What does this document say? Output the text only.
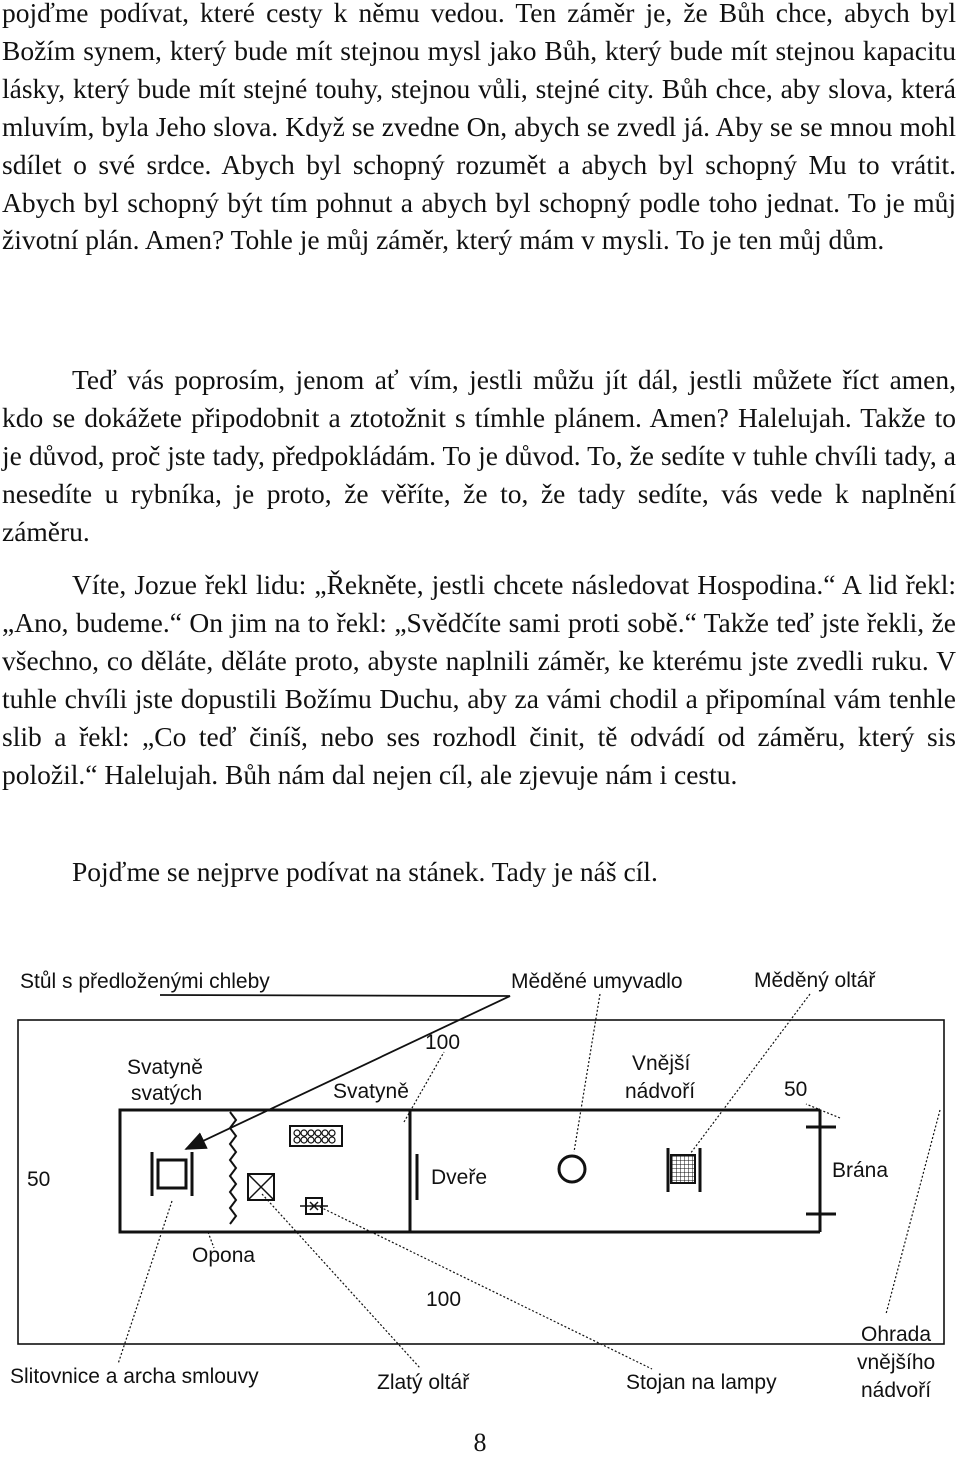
pojďme podívat, které cesty k němu vedou. Ten záměr je, že Bůh chce, abych byl Božím synem, který bude mít stejnou mysl jako Bůh, který bude mít stejnou kapacitu lásky, který bude mít stejné touhy, stejnou vůli, stejné city. Bůh chce, aby slova, která mluvím, byla Jeho slova. Když se zvedne On, abych se zvedl já. Aby se se mnou mohl sdílet o své srdce. Abych byl schopný rozumět a abych byl schopný Mu to vrátit. Abych byl schopný být tím pohnut a abych byl schopný podle toho jednat. To je můj životní plán. Amen? Tohle je můj záměr, který mám v mysli. To je ten můj dům.

Teď vás poprosím, jenom ať vím, jestli můžu jít dál, jestli můžete říct amen, kdo se dokážete připodobnit a ztotožnit s tímhle plánem. Amen? Halelujah. Takže to je důvod, proč jste tady, předpokládám. To je důvod. To, že sedíte v tuhle chvíli tady, a nesedíte u rybníka, je proto, že věříte, že to, že tady sedíte, vás vede k naplnění záměru.

Víte, Jozue řekl lidu: „Řekněte, jestli chcete následovat Hospodina.“ A lid řekl: „Ano, budeme.“ On jim na to řekl: „Svědčíte sami proti sobě.“ Takže teď jste řekli, že všechno, co děláte, děláte proto, abyste naplnili záměr, ke kterému jste zvedli ruku. V tuhle chvíli jste dopustili Božímu Duchu, aby za vámi chodil a připomínal vám tenhle slib a řekl: „Co teď činíš, nebo ses rozhodl činit, tě odvádí od záměru, který sis položil.“ Halelujah. Bůh nám dal nejen cíl, ale zjevuje nám i cestu.

Pojďme se nejprve podívat na stánek. Tady je náš cíl.

Stůl s předloženými chleby	Měděné umyvadlo	Měděný oltář
Svatyně
svatých	Svatyně
Vnější
nádvoří
100
50
50	Dveře	Brána
Opona
100
Slitovnice a archa smlouvy	Zlatý oltář	Stojan na lampy
Ohrada
vnějšího
nádvoří
8
